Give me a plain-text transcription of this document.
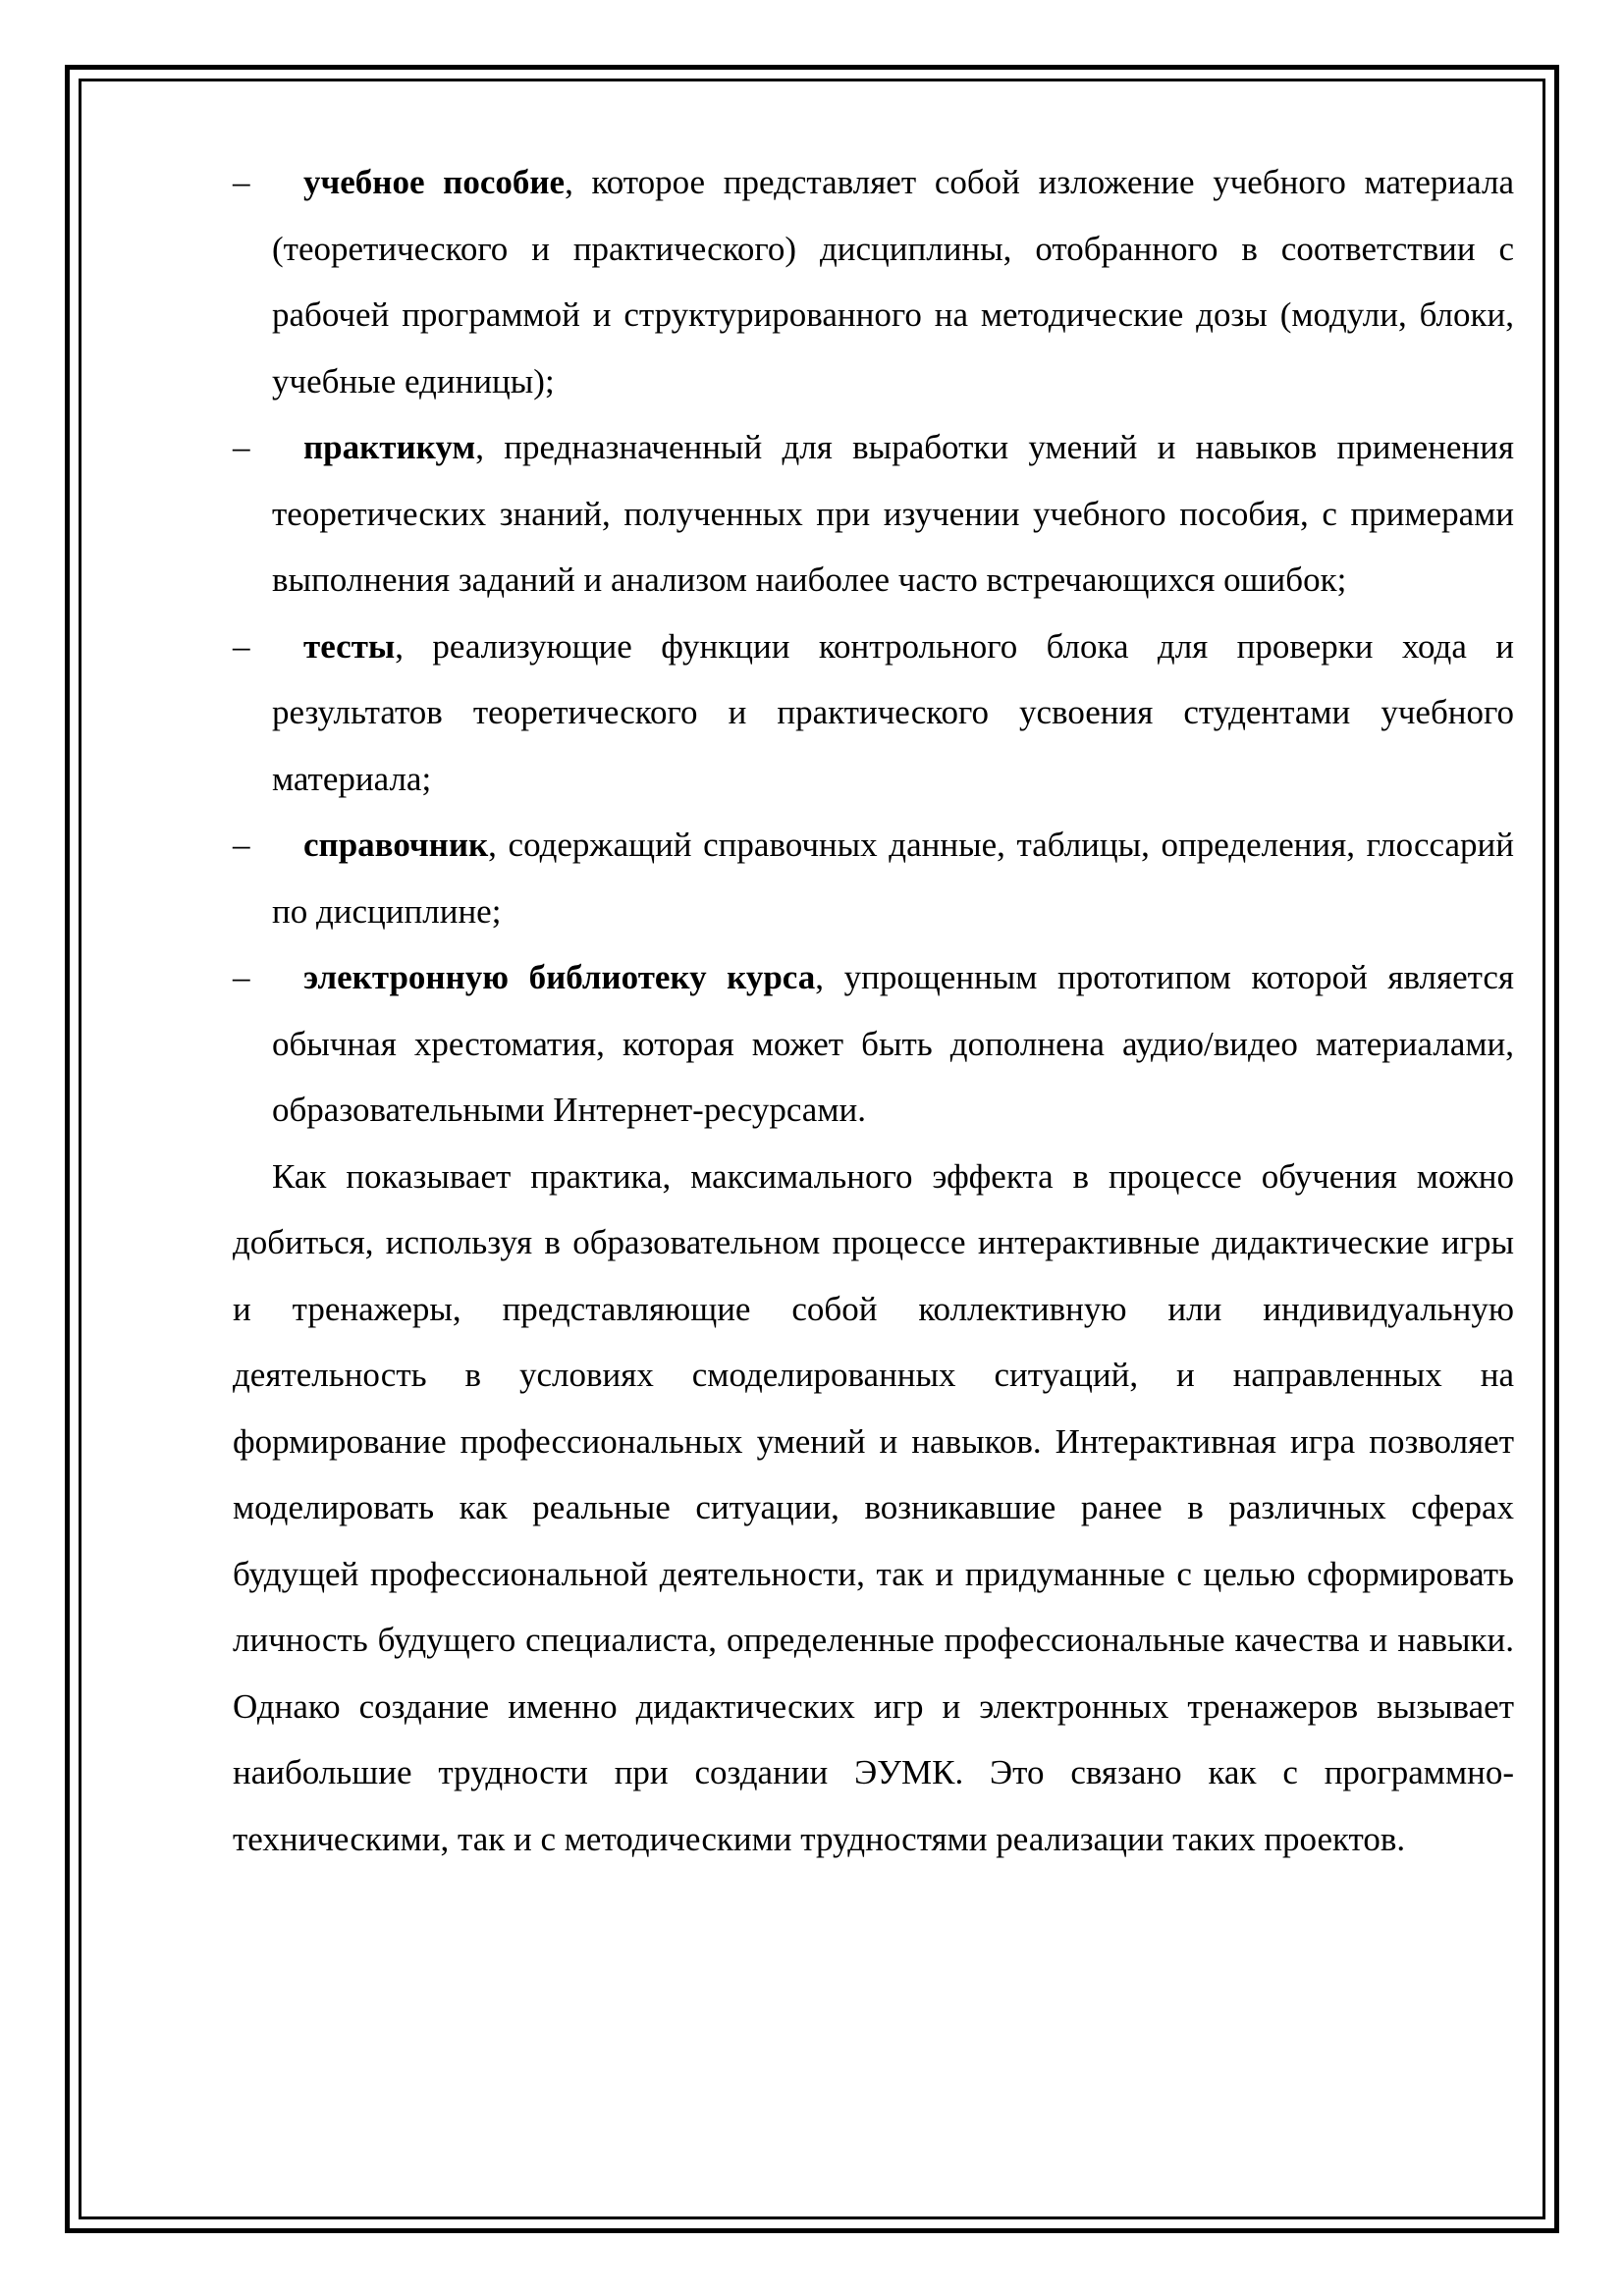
–	учебное пособие, которое представляет собой изложение учебного материала (теоретического и практического) дисциплины, отобранного в соответствии с рабочей программой и структурированного на методические дозы (модули, блоки, учебные единицы);
–	практикум, предназначенный для выработки умений и навыков применения теоретических знаний, полученных при изучении учебного пособия, с примерами выполнения заданий и анализом наиболее часто встречающихся ошибок;
–	тесты, реализующие функции контрольного блока для проверки хода и результатов теоретического и практического усвоения студентами учебного материала;
–	справочник, содержащий справочных данные, таблицы, определения, глоссарий по дисциплине;
–	электронную библиотеку курса, упрощенным прототипом которой является обычная хрестоматия, которая может быть дополнена аудио/видео материалами, образовательными Интернет-ресурсами.
Как показывает практика, максимального эффекта в процессе обучения можно добиться, используя в образовательном процессе интерактивные дидактические игры и тренажеры, представляющие собой коллективную или индивидуальную деятельность в условиях смоделированных ситуаций, и направленных на формирование профессиональных умений и навыков. Интерактивная игра позволяет моделировать как реальные ситуации, возникавшие ранее в различных сферах будущей профессиональной деятельности, так и придуманные с целью сформировать личность будущего специалиста, определенные профессиональные качества и навыки. Однако создание именно дидактических игр и электронных тренажеров вызывает наибольшие трудности при создании ЭУМК. Это связано как с программно-техническими, так и с методическими трудностями реализации таких проектов.
